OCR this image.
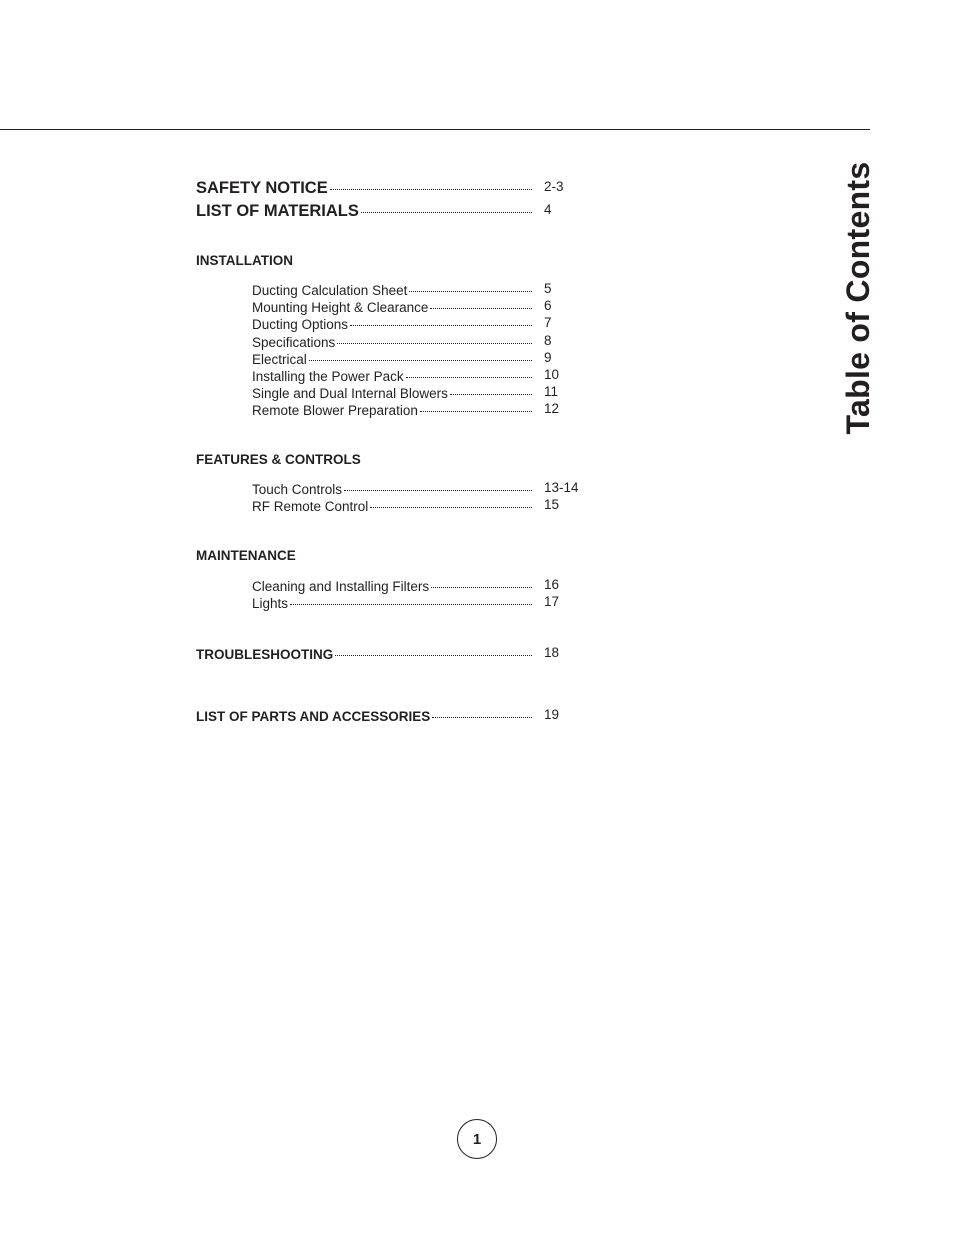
Table of Contents
SAFETY NOTICE	2-3
LIST OF MATERIALS	4
INSTALLATION
Ducting Calculation Sheet	5
Mounting Height & Clearance	6
Ducting Options	7
Specifications	8
Electrical	9
Installing the Power Pack	10
Single and Dual Internal Blowers	11
Remote Blower Preparation	12
FEATURES & CONTROLS
Touch Controls	13-14
RF Remote Control	15
MAINTENANCE
Cleaning and Installing Filters	16
Lights	17
TROUBLESHOOTING	18
LIST OF PARTS AND ACCESSORIES	19
1
